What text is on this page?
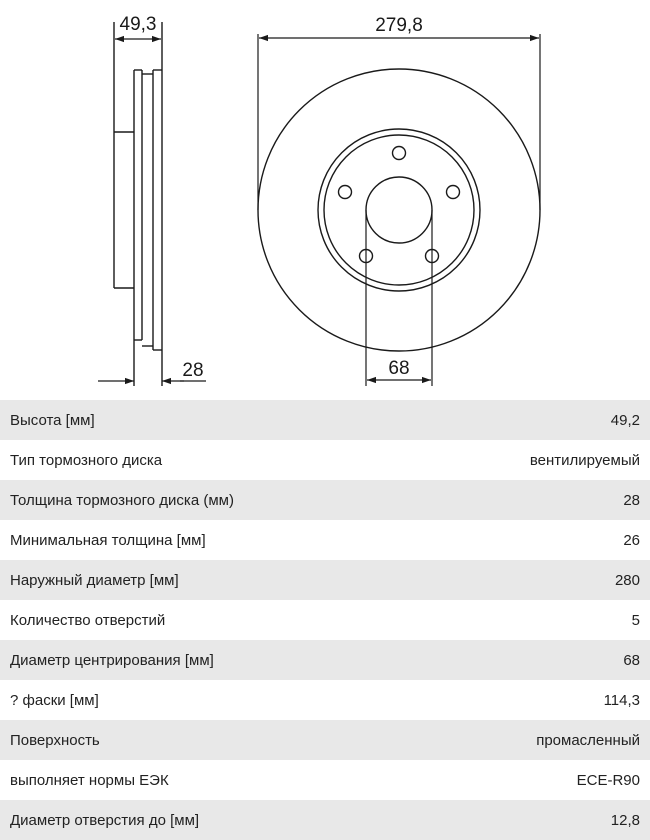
49,3
28
279,8
68
Высота [мм]	49,2
Тип тормозного диска	вентилируемый
Толщина тормозного диска (мм)	28
Минимальная толщина [мм]	26
Наружный диаметр [мм]	280
Количество отверстий	5
Диаметр центрирования [мм]	68
? фаски [мм]	114,3
Поверхность	промасленный
выполняет нормы ЕЭК	ECE-R90
Диаметр отверстия до [мм]	12,8
